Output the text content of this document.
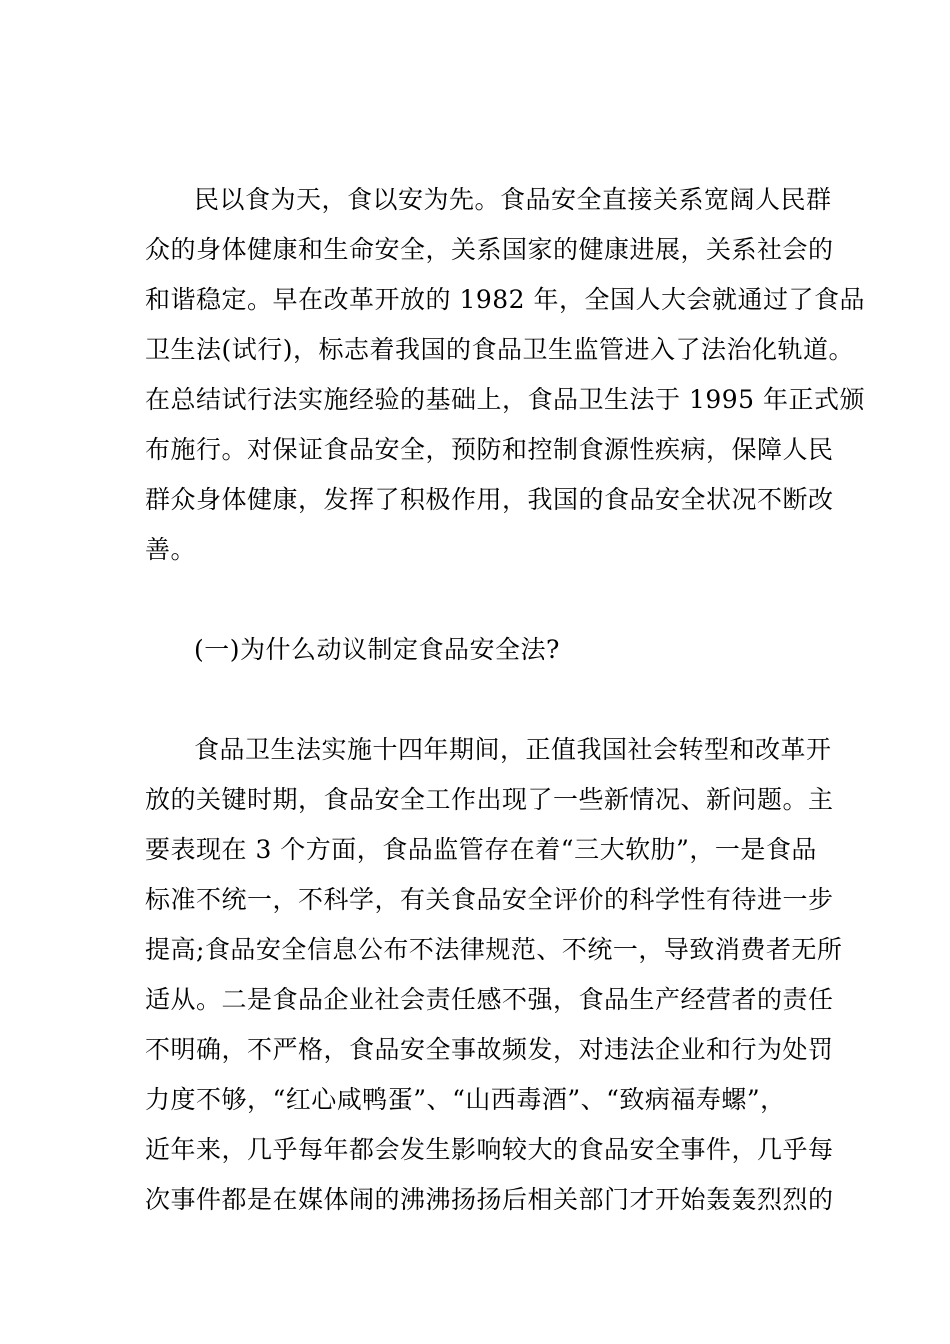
民以食为天，食以安为先。食品安全直接关系宽阔人民群
众的身体健康和生命安全，关系国家的健康进展，关系社会的
和谐稳定。早在改革开放的 1982 年，全国人大会就通过了食品
卫生法(试行)，标志着我国的食品卫生监管进入了法治化轨道。
在总结试行法实施经验的基础上，食品卫生法于 1995 年正式颁
布施行。对保证食品安全，预防和控制食源性疾病，保障人民
群众身体健康，发挥了积极作用，我国的食品安全状况不断改
善。
(一)为什么动议制定食品安全法?
食品卫生法实施十四年期间，正值我国社会转型和改革开
放的关键时期，食品安全工作出现了一些新情况、新问题。主
要表现在 3 个方面，食品监管存在着“三大软肋”，一是食品
标准不统一，不科学，有关食品安全评价的科学性有待进一步
提高;食品安全信息公布不法律规范、不统一，导致消费者无所
适从。二是食品企业社会责任感不强，食品生产经营者的责任
不明确，不严格，食品安全事故频发，对违法企业和行为处罚
力度不够，“红心咸鸭蛋”、“山西毒酒”、“致病福寿螺”，
近年来，几乎每年都会发生影响较大的食品安全事件，几乎每
次事件都是在媒体闹的沸沸扬扬后相关部门才开始轰轰烈烈的
